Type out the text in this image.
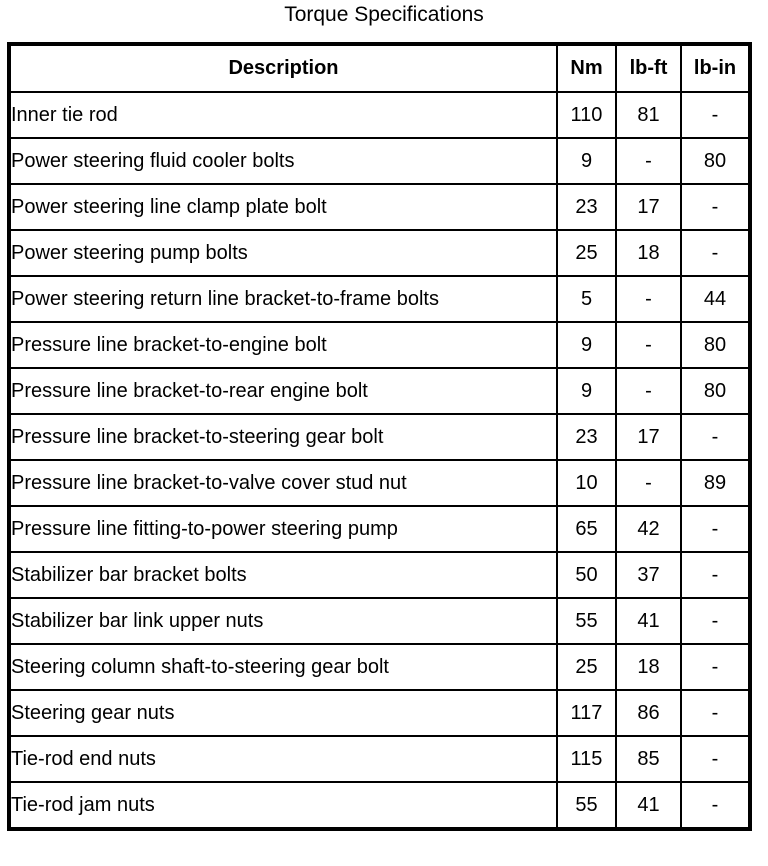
Torque Specifications
Description	Nm	lb-ft	lb-in
Inner tie rod	110	81	-
Power steering fluid cooler bolts	9	-	80
Power steering line clamp plate bolt	23	17	-
Power steering pump bolts	25	18	-
Power steering return line bracket-to-frame bolts	5	-	44
Pressure line bracket-to-engine bolt	9	-	80
Pressure line bracket-to-rear engine bolt	9	-	80
Pressure line bracket-to-steering gear bolt	23	17	-
Pressure line bracket-to-valve cover stud nut	10	-	89
Pressure line fitting-to-power steering pump	65	42	-
Stabilizer bar bracket bolts	50	37	-
Stabilizer bar link upper nuts	55	41	-
Steering column shaft-to-steering gear bolt	25	18	-
Steering gear nuts	117	86	-
Tie-rod end nuts	115	85	-
Tie-rod jam nuts	55	41	-
